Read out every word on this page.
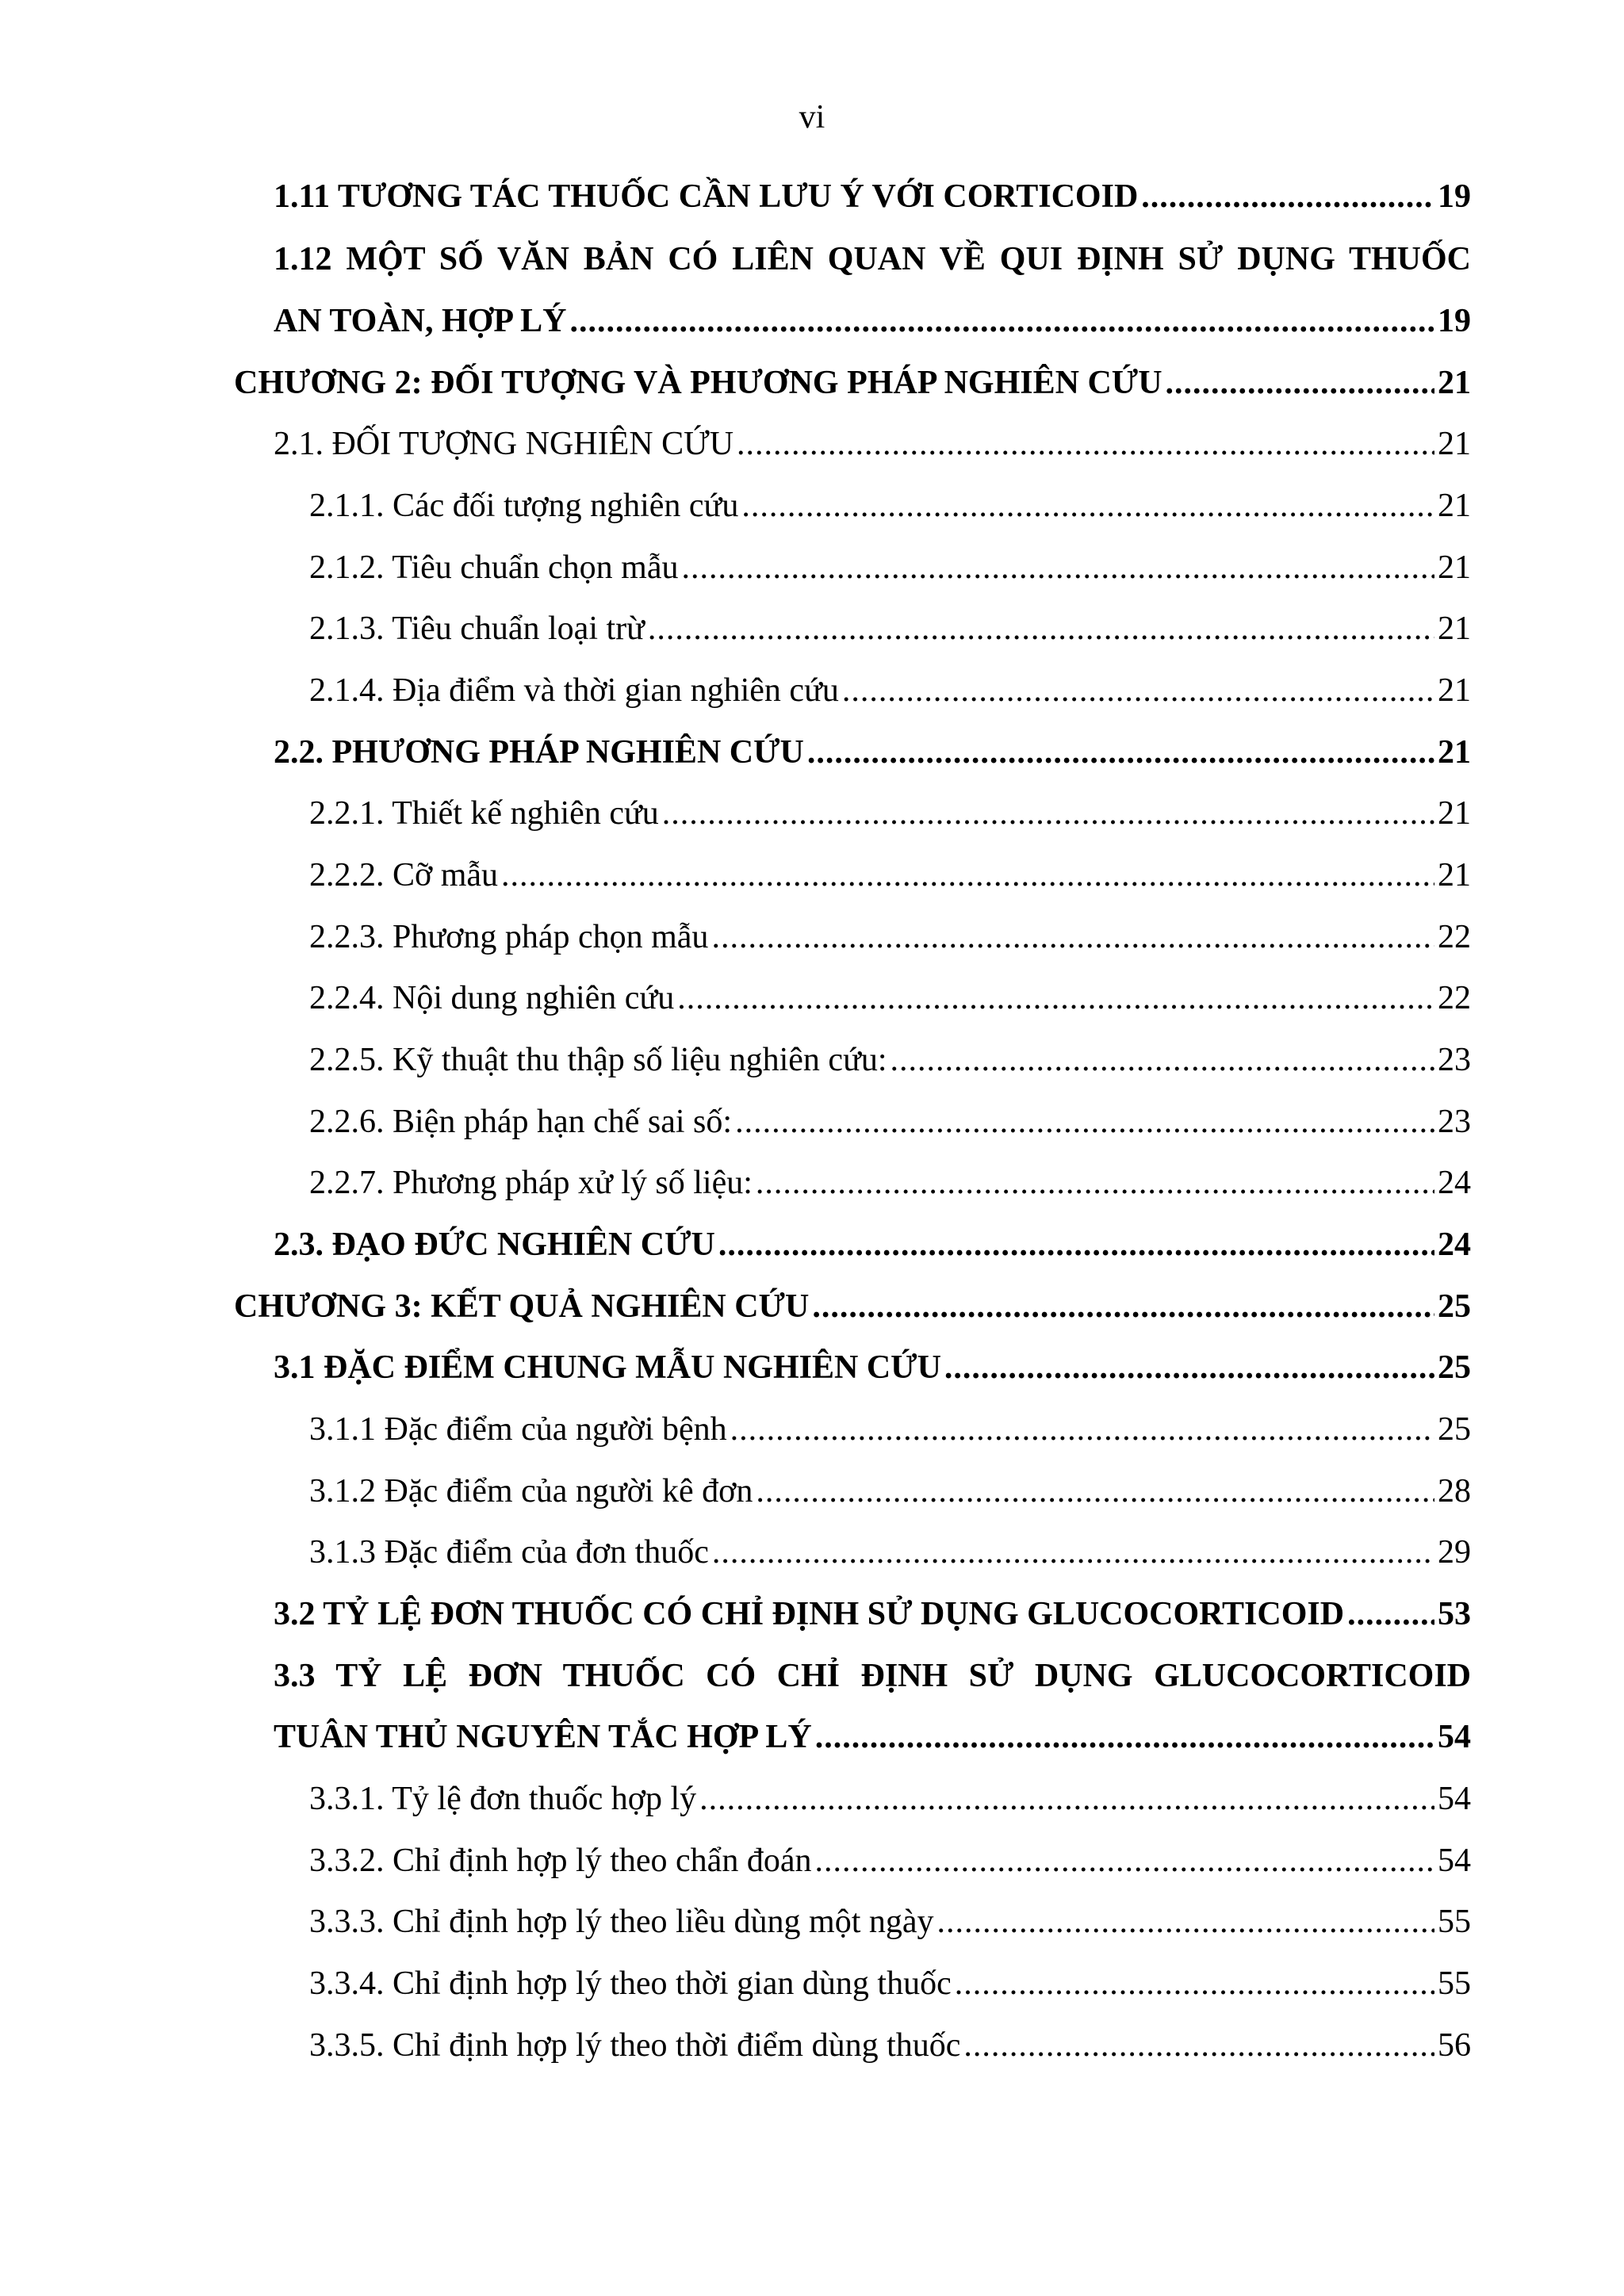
vi
1.11 TƯƠNG TÁC THUỐC CẦN LƯU Ý VỚI CORTICOID .....	19
1.12 MỘT SỐ VĂN BẢN CÓ LIÊN QUAN VỀ QUI ĐỊNH SỬ DỤNG THUỐC
AN TOÀN, HỢP LÝ .....	19
CHƯƠNG 2: ĐỐI TƯỢNG VÀ PHƯƠNG PHÁP NGHIÊN CỨU .....	21
2.1. ĐỐI TƯỢNG NGHIÊN CỨU .....	21
2.1.1. Các đối tượng nghiên cứu .....	21
2.1.2. Tiêu chuẩn chọn mẫu .....	21
2.1.3. Tiêu chuẩn loại trừ .....	21
2.1.4. Địa điểm và thời gian nghiên cứu .....	21
2.2. PHƯƠNG PHÁP NGHIÊN CỨU .....	21
2.2.1. Thiết kế nghiên cứu .....	21
2.2.2. Cỡ mẫu .....	21
2.2.3. Phương pháp chọn mẫu .....	22
2.2.4. Nội dung nghiên cứu .....	22
2.2.5. Kỹ thuật thu thập số liệu nghiên cứu: .....	23
2.2.6. Biện pháp hạn chế sai số: .....	23
2.2.7. Phương pháp xử lý số liệu: .....	24
2.3. ĐẠO ĐỨC NGHIÊN CỨU .....	24
CHƯƠNG 3: KẾT QUẢ NGHIÊN CỨU .....	25
3.1 ĐẶC ĐIỂM CHUNG MẪU NGHIÊN CỨU .....	25
3.1.1 Đặc điểm của người bệnh .....	25
3.1.2 Đặc điểm của người kê đơn .....	28
3.1.3 Đặc điểm của đơn thuốc .....	29
3.2 TỶ LỆ ĐƠN THUỐC CÓ CHỈ ĐỊNH SỬ DỤNG GLUCOCORTICOID .....	53
3.3 TỶ LỆ ĐƠN THUỐC CÓ CHỈ ĐỊNH SỬ DỤNG GLUCOCORTICOID
TUÂN THỦ NGUYÊN TẮC HỢP LÝ .....	54
3.3.1. Tỷ lệ đơn thuốc hợp lý .....	54
3.3.2. Chỉ định hợp lý theo chẩn đoán .....	54
3.3.3. Chỉ định hợp lý theo liều dùng một ngày .....	55
3.3.4. Chỉ định hợp lý theo thời gian dùng thuốc .....	55
3.3.5. Chỉ định hợp lý theo thời điểm dùng thuốc .....	56
